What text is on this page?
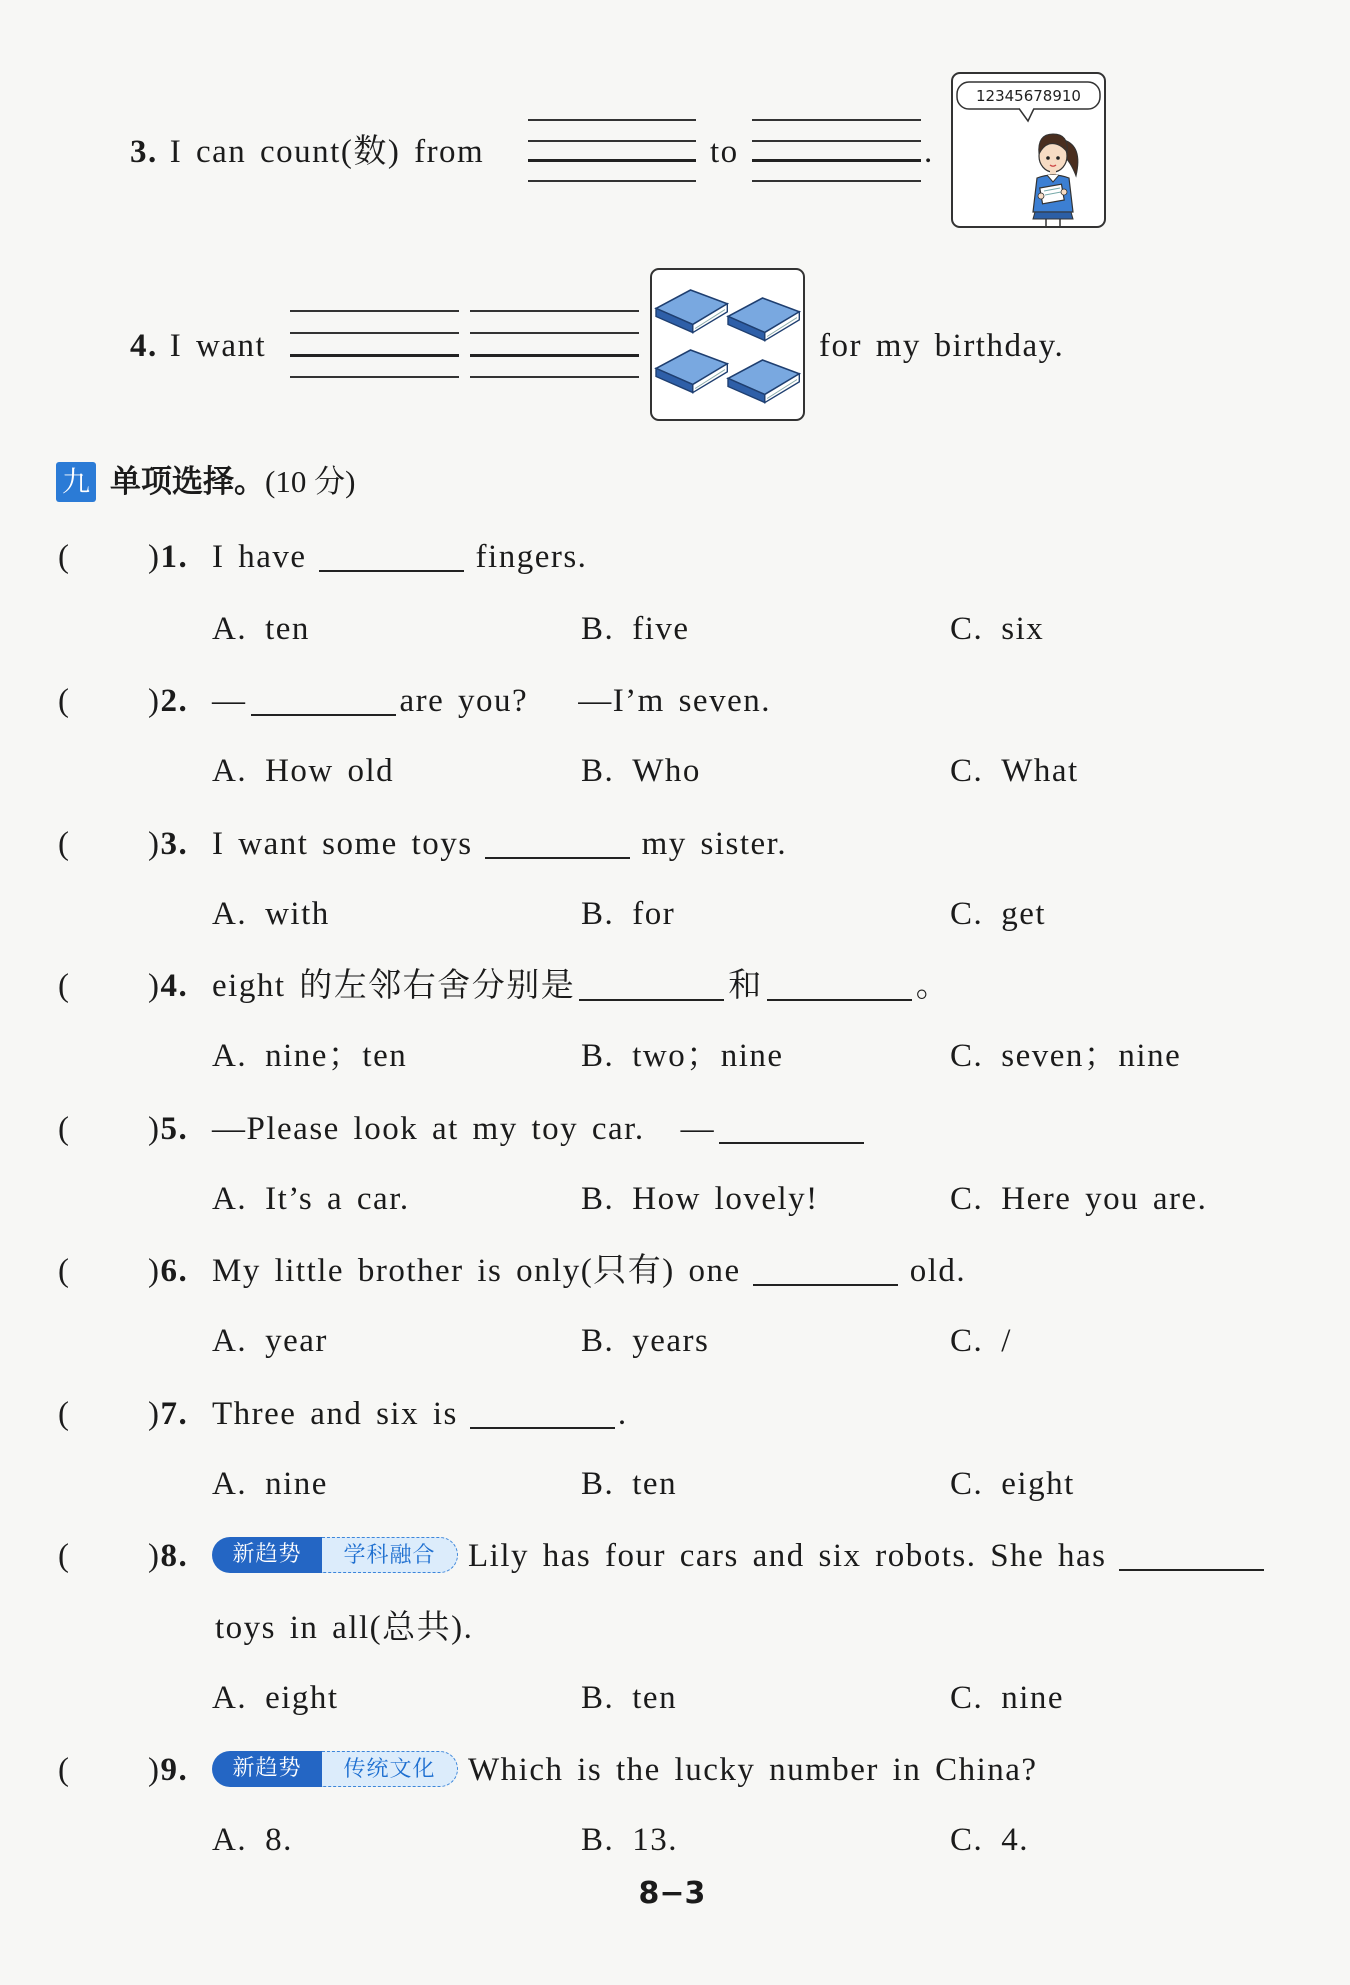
3. I can count(数) from	to	.
12345678910
4. I want	for my birthday.
九 单项选择。(10 分)
( )1. I have	fingers.
A. ten	B. five	C. six
( )2. —	are you? —I’m seven.
A. How old	B. Who	C. What
( )3. I want some toys	my sister.
A. with	B. for	C. get
( )4. eight 的左邻右舍分别是	和	。
A. nine；ten	B. two；nine	C. seven；nine
( )5. —Please look at my toy car. —
A. It’s a car.	B. How lovely!	C. Here you are.
( )6. My little brother is only(只有) one	old.
A. year	B. years	C. /
( )7. Three and six is	.
A. nine	B. ten	C. eight
( )8.	新趋势	学科融合 Lily has four cars and six robots. She has
toys in all(总共).
A. eight	B. ten	C. nine
( )9.	新趋势	传统文化 Which is the lucky number in China?
A. 8.	B. 13.	C. 4.
8−3
